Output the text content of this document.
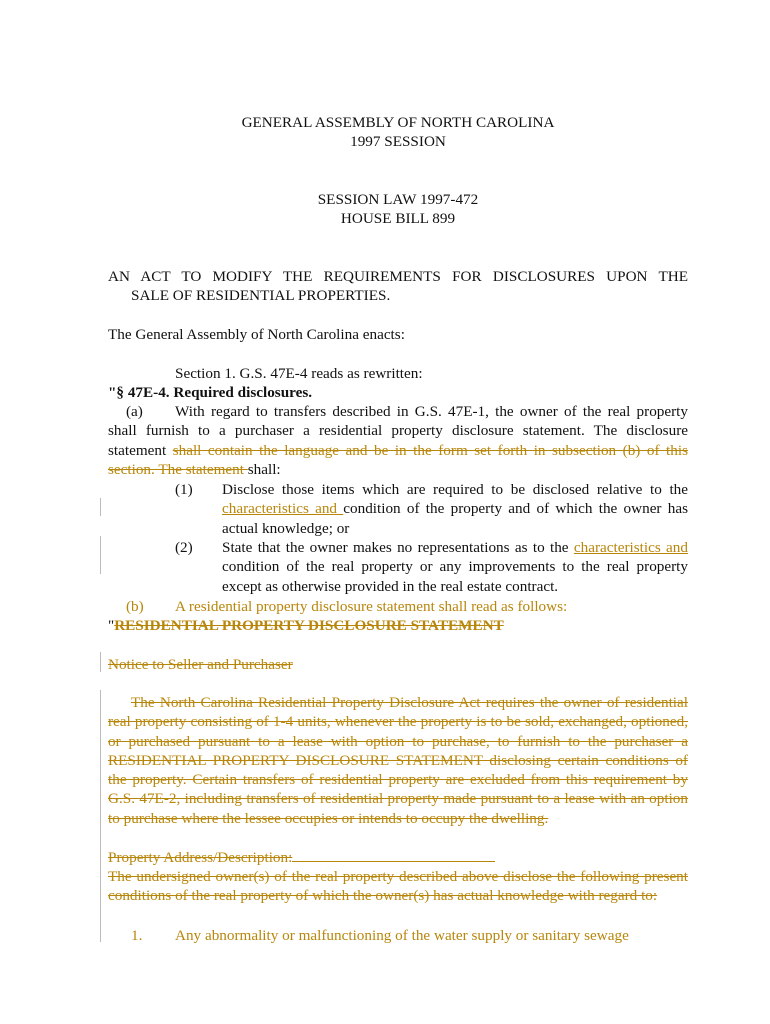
GENERAL ASSEMBLY OF NORTH CAROLINA
1997 SESSION
SESSION LAW 1997-472
HOUSE BILL 899
AN ACT TO MODIFY THE REQUIREMENTS FOR DISCLOSURES UPON THE
SALE OF RESIDENTIAL PROPERTIES.
The General Assembly of North Carolina enacts:
Section 1. G.S. 47E-4 reads as rewritten:
"§ 47E-4. Required disclosures.
(a) With regard to transfers described in G.S. 47E-1, the owner of the real property shall furnish to a purchaser a residential property disclosure statement. The disclosure statement shall contain the language and be in the form set forth in subsection (b) of this section. The statement shall:
(1) Disclose those items which are required to be disclosed relative to the characteristics and condition of the property and of which the owner has actual knowledge; or
(2) State that the owner makes no representations as to the characteristics and condition of the real property or any improvements to the real property except as otherwise provided in the real estate contract.
(b) A residential property disclosure statement shall read as follows:
"RESIDENTIAL PROPERTY DISCLOSURE STATEMENT
Notice to Seller and Purchaser
The North Carolina Residential Property Disclosure Act requires the owner of residential real property consisting of 1-4 units, whenever the property is to be sold, exchanged, optioned, or purchased pursuant to a lease with option to purchase, to furnish to the purchaser a RESIDENTIAL PROPERTY DISCLOSURE STATEMENT disclosing certain conditions of the property. Certain transfers of residential property are excluded from this requirement by G.S. 47E-2, including transfers of residential property made pursuant to a lease with an option to purchase where the lessee occupies or intends to occupy the dwelling.
Property Address/Description:
The undersigned owner(s) of the real property described above disclose the following present conditions of the real property of which the owner(s) has actual knowledge with regard to:
1. Any abnormality or malfunctioning of the water supply or sanitary sewage
